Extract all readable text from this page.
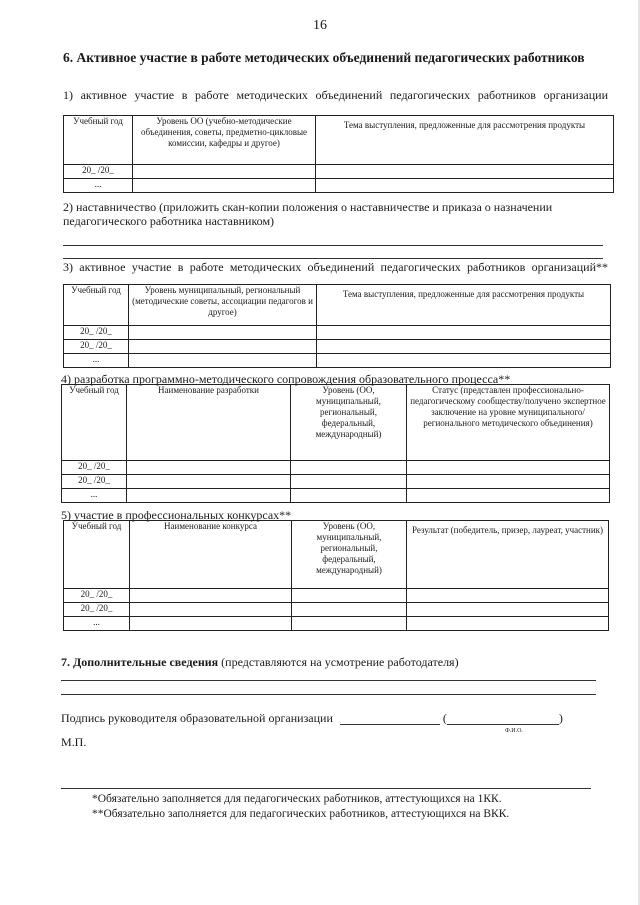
16
6. Активное участие в работе методических объединений педагогических работников
1) активное участие в работе методических объединений педагогических работников организации
Учебный год	Уровень ОО (учебно-методические объединения, советы, предметно-цикловые комиссии, кафедры и другое)	Тема выступления, предложенные для рассмотрения продукты
20_ /20_		
...		
2) наставничество (приложить скан-копии положения о наставничестве и приказа о назначении педагогического работника наставником)
3) активное участие в работе методических объединений педагогических работников организаций**
Учебный год	Уровень муниципальный, региональный (методические советы, ассоциации педагогов и другое)	Тема выступления, предложенные для рассмотрения продукты
20_ /20_		
20_ /20_		
...		
4) разработка программно-методического сопровождения образовательного процесса**
Учебный год	Наименование разработки	Уровень (ОО, муниципальный, региональный, федеральный, международный)	Статус (представлен профессионально-педагогическому сообществу/получено экспертное заключение на уровне муниципального/регионального методического объединения)
20_ /20_			
20_ /20_			
...			
5) участие в профессиональных конкурсах**
Учебный год	Наименование конкурса	Уровень (ОО, муниципальный, региональный, федеральный, международный)	Результат (победитель, призер, лауреат, участник)
20_ /20_			
20_ /20_			
...			
7. Дополнительные сведения (представляются на усмотрение работодателя)
Подпись руководителя образовательной организации	(	)
Ф.И.О.
М.П.
*Обязательно заполняется для педагогических работников, аттестующихся на 1КК.
**Обязательно заполняется для педагогических работников, аттестующихся на ВКК.
